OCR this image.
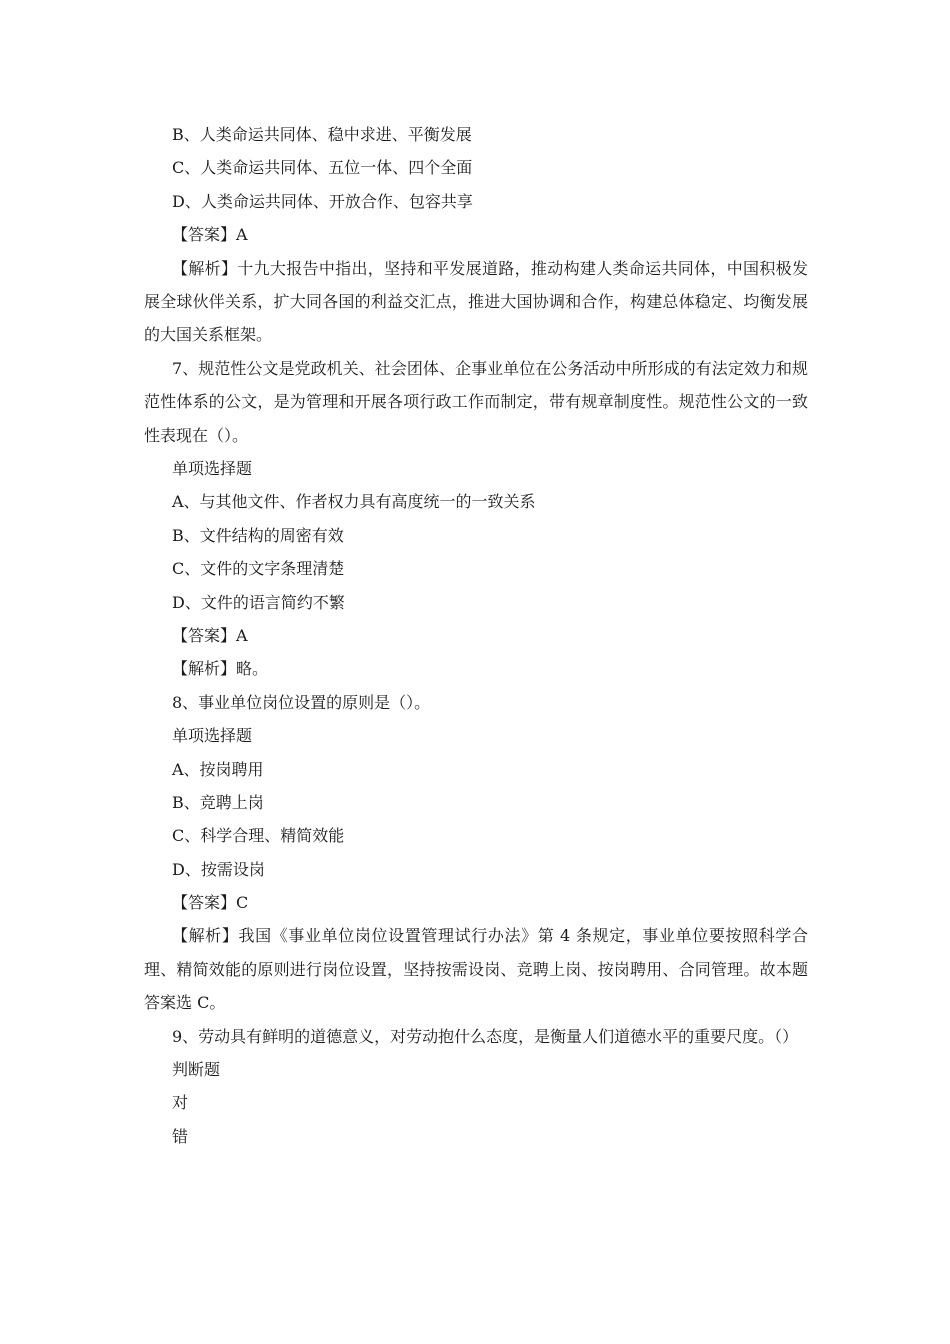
B、人类命运共同体、稳中求进、平衡发展

C、人类命运共同体、五位一体、四个全面

D、人类命运共同体、开放合作、包容共享

【答案】A

【解析】十九大报告中指出，坚持和平发展道路，推动构建人类命运共同体，中国积极发展全球伙伴关系，扩大同各国的利益交汇点，推进大国协调和合作，构建总体稳定、均衡发展的大国关系框架。

7、规范性公文是党政机关、社会团体、企事业单位在公务活动中所形成的有法定效力和规范性体系的公文，是为管理和开展各项行政工作而制定，带有规章制度性。规范性公文的一致性表现在（）。

单项选择题

A、与其他文件、作者权力具有高度统一的一致关系

B、文件结构的周密有效

C、文件的文字条理清楚

D、文件的语言简约不繁

【答案】A

【解析】略。

8、事业单位岗位设置的原则是（）。

单项选择题

A、按岗聘用

B、竞聘上岗

C、科学合理、精简效能

D、按需设岗

【答案】C

【解析】我国《事业单位岗位设置管理试行办法》第 4 条规定，事业单位要按照科学合理、精简效能的原则进行岗位设置，坚持按需设岗、竞聘上岗、按岗聘用、合同管理。故本题答案选 C。

9、劳动具有鲜明的道德意义，对劳动抱什么态度，是衡量人们道德水平的重要尺度。（）

判断题

对

错
